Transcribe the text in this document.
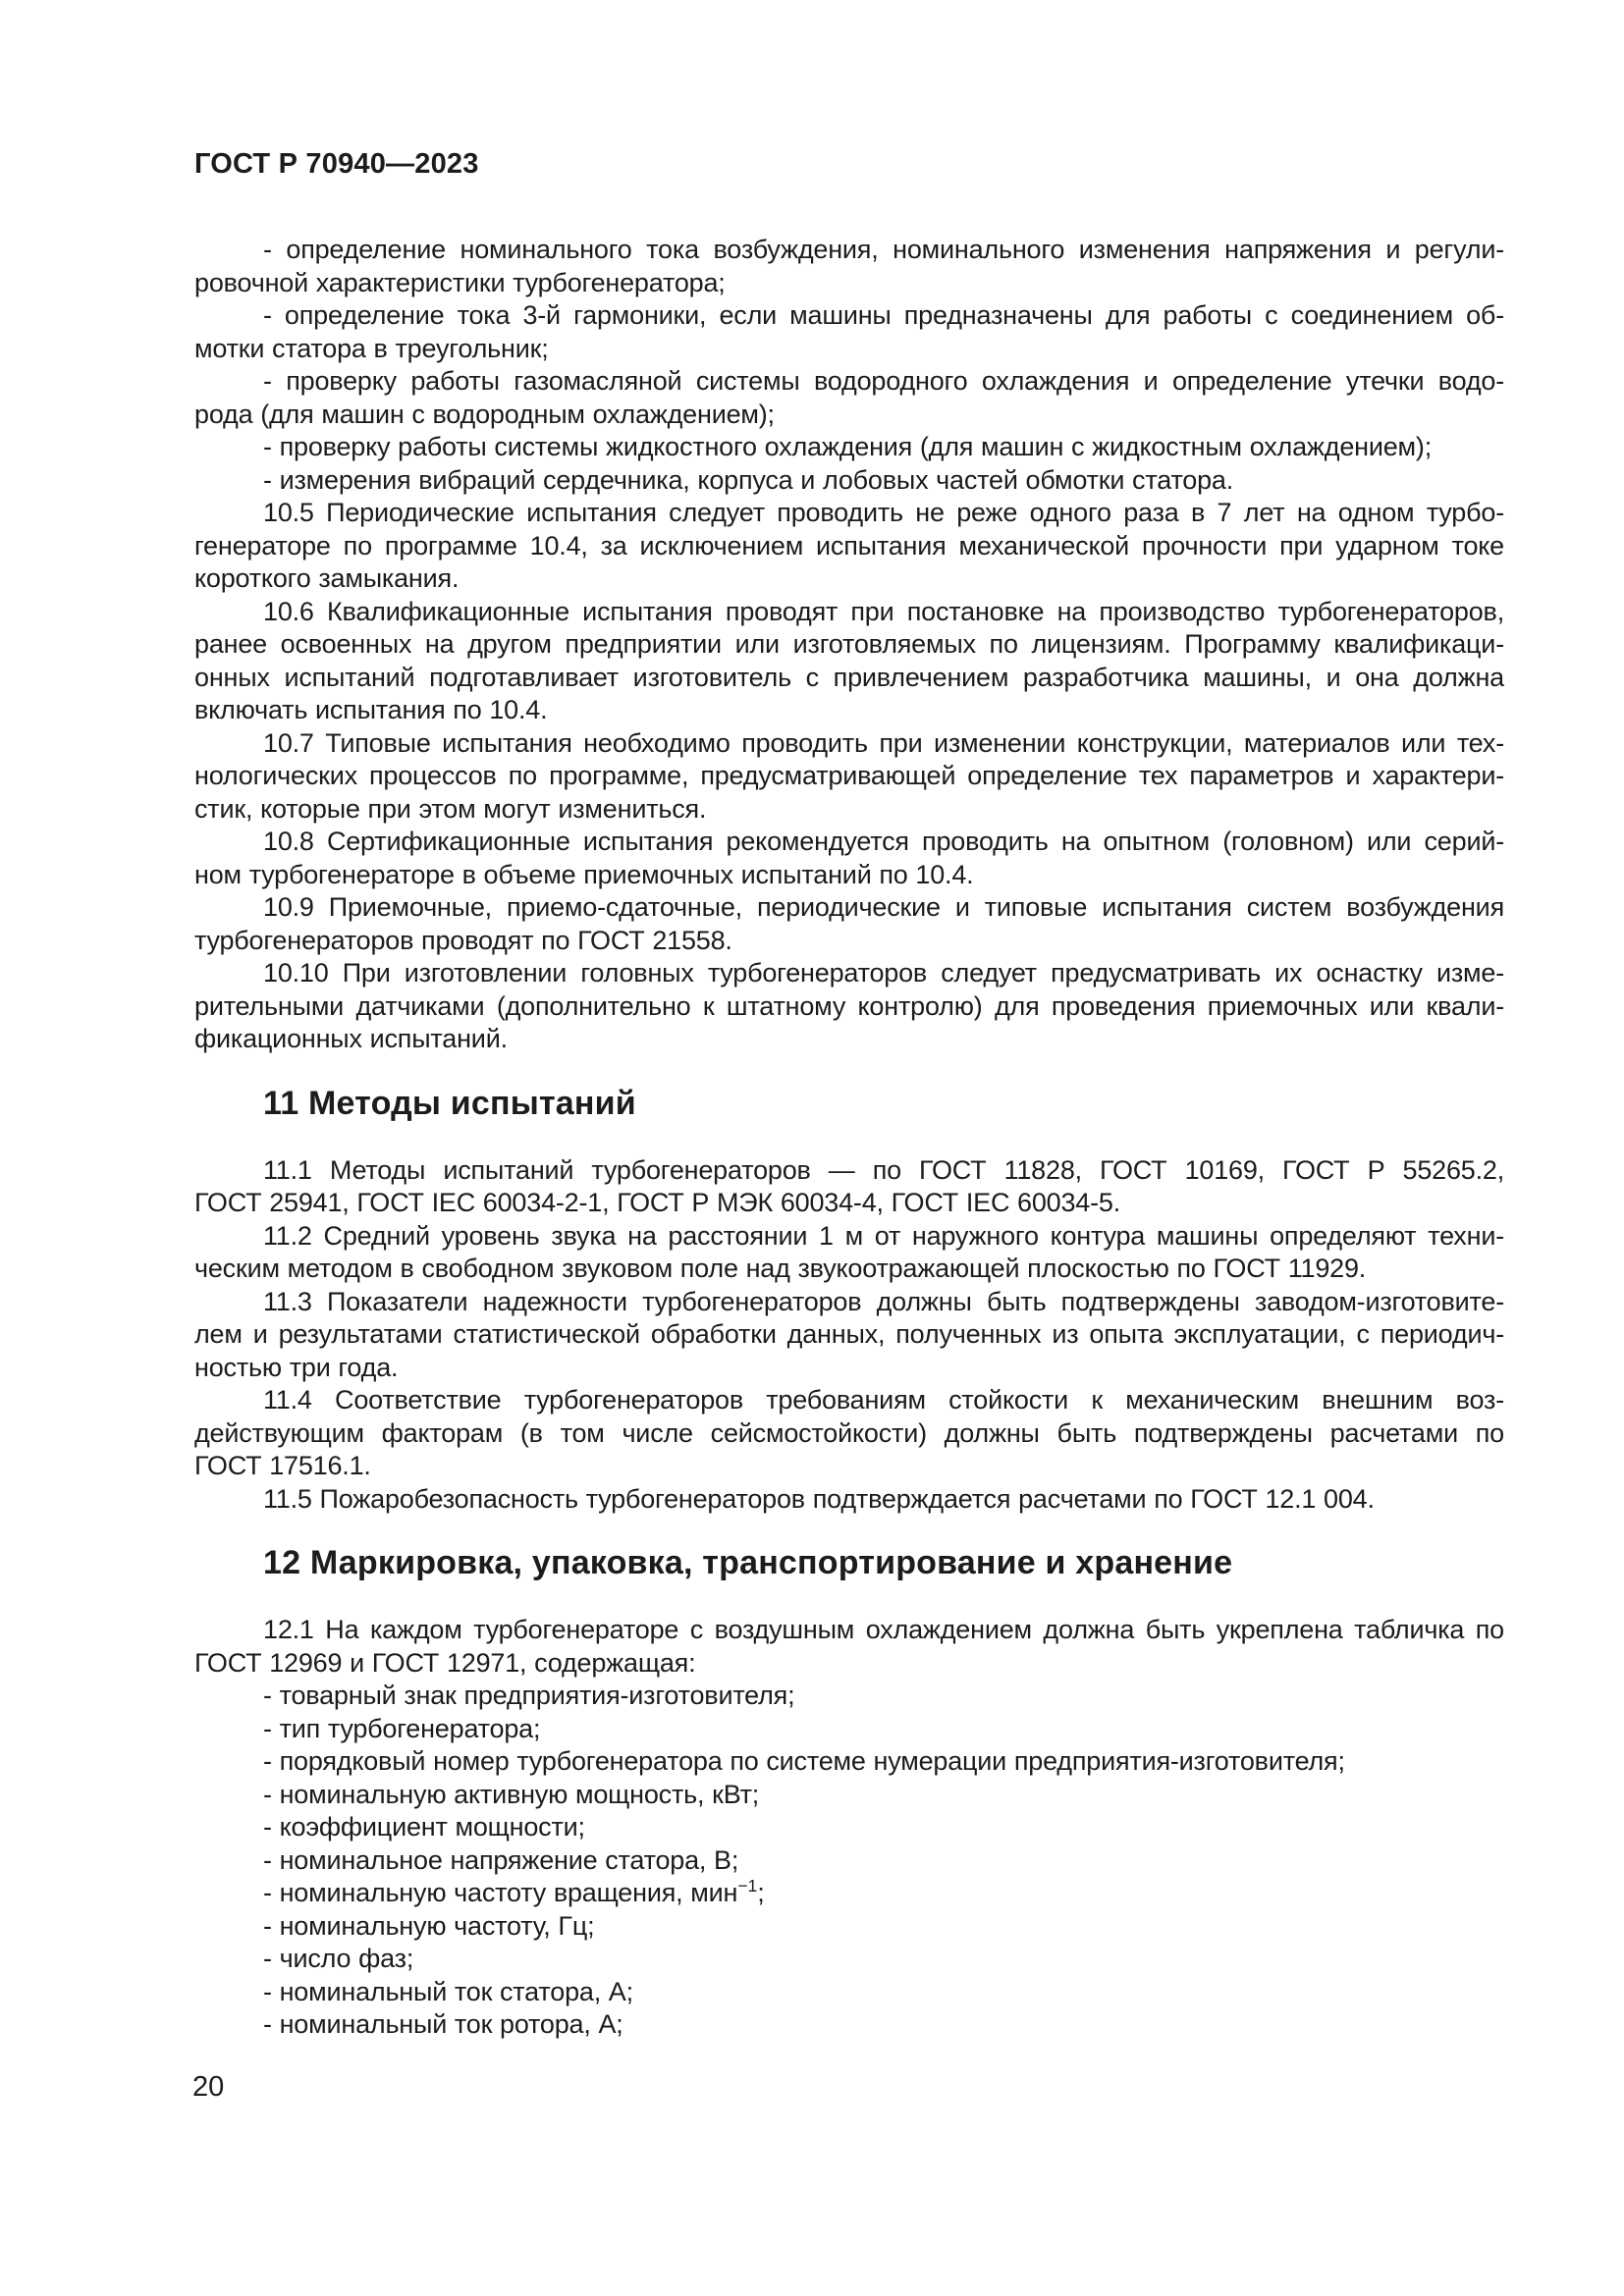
ГОСТ Р 70940—2023
- определение номинального тока возбуждения, номинального изменения напряжения и регули-
ровочной характеристики турбогенератора;
- определение тока 3-й гармоники, если машины предназначены для работы с соединением об-
мотки статора в треугольник;
- проверку работы газомасляной системы водородного охлаждения и определение утечки водо-
рода (для машин с водородным охлаждением);
- проверку работы системы жидкостного охлаждения (для машин с жидкостным охлаждением);
- измерения вибраций сердечника, корпуса и лобовых частей обмотки статора.
10.5 Периодические испытания следует проводить не реже одного раза в 7 лет на одном турбо-
генераторе по программе 10.4, за исключением испытания механической прочности при ударном токе
короткого замыкания.
10.6 Квалификационные испытания проводят при постановке на производство турбогенераторов,
ранее освоенных на другом предприятии или изготовляемых по лицензиям. Программу квалификаци-
онных испытаний подготавливает изготовитель с привлечением разработчика машины, и она должна
включать испытания по 10.4.
10.7 Типовые испытания необходимо проводить при изменении конструкции, материалов или тех-
нологических процессов по программе, предусматривающей определение тех параметров и характери-
стик, которые при этом могут измениться.
10.8 Сертификационные испытания рекомендуется проводить на опытном (головном) или серий-
ном турбогенераторе в объеме приемочных испытаний по 10.4.
10.9 Приемочные, приемо-сдаточные, периодические и типовые испытания систем возбуждения
турбогенераторов проводят по ГОСТ 21558.
10.10 При изготовлении головных турбогенераторов следует предусматривать их оснастку изме-
рительными датчиками (дополнительно к штатному контролю) для проведения приемочных или квали-
фикационных испытаний.
11 Методы испытаний
11.1 Методы испытаний турбогенераторов — по ГОСТ 11828, ГОСТ 10169, ГОСТ Р 55265.2,
ГОСТ 25941, ГОСТ IEC 60034-2-1, ГОСТ Р МЭК 60034-4, ГОСТ IEC 60034-5.
11.2 Средний уровень звука на расстоянии 1 м от наружного контура машины определяют техни-
ческим методом в свободном звуковом поле над звукоотражающей плоскостью по ГОСТ 11929.
11.3 Показатели надежности турбогенераторов должны быть подтверждены заводом-изготовите-
лем и результатами статистической обработки данных, полученных из опыта эксплуатации, с периодич-
ностью три года.
11.4 Соответствие турбогенераторов требованиям стойкости к механическим внешним воз-
действующим факторам (в том числе сейсмостойкости) должны быть подтверждены расчетами по
ГОСТ 17516.1.
11.5 Пожаробезопасность турбогенераторов подтверждается расчетами по ГОСТ 12.1 004.
12 Маркировка, упаковка, транспортирование и хранение
12.1 На каждом турбогенераторе с воздушным охлаждением должна быть укреплена табличка по
ГОСТ 12969 и ГОСТ 12971, содержащая:
- товарный знак предприятия-изготовителя;
- тип турбогенератора;
- порядковый номер турбогенератора по системе нумерации предприятия-изготовителя;
- номинальную активную мощность, кВт;
- коэффициент мощности;
- номинальное напряжение статора, В;
- номинальную частоту вращения, мин$^{-1}$;
- номинальную частоту, Гц;
- число фаз;
- номинальный ток статора, А;
- номинальный ток ротора, А;
20
